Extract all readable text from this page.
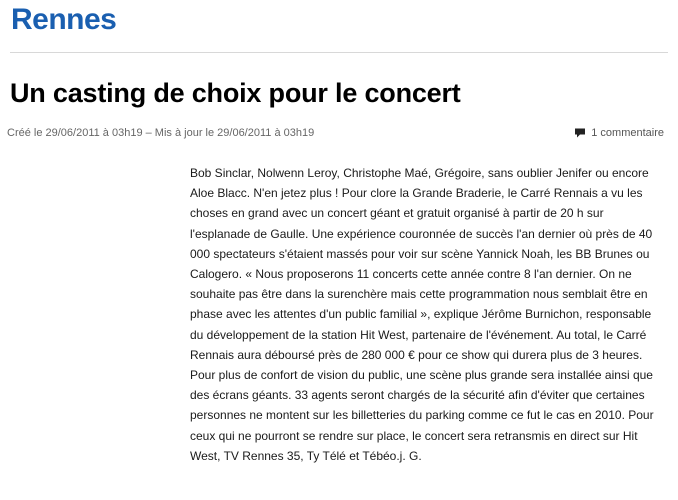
Rennes
Un casting de choix pour le concert
Créé le 29/06/2011 à 03h19 – Mis à jour le 29/06/2011 à 03h19	1 commentaire

Bob Sinclar, Nolwenn Leroy, Christophe Maé, Grégoire, sans oublier Jenifer ou encore Aloe Blacc. N'en jetez plus ! Pour clore la Grande Braderie, le Carré Rennais a vu les choses en grand avec un concert géant et gratuit organisé à partir de 20 h sur l'esplanade de Gaulle. Une expérience couronnée de succès l'an dernier où près de 40 000 spectateurs s'étaient massés pour voir sur scène Yannick Noah, les BB Brunes ou Calogero. « Nous proposerons 11 concerts cette année contre 8 l'an dernier. On ne souhaite pas être dans la surenchère mais cette programmation nous semblait être en phase avec les attentes d'un public familial », explique Jérôme Burnichon, responsable du développement de la station Hit West, partenaire de l'événement. Au total, le Carré Rennais aura déboursé près de 280 000 € pour ce show qui durera plus de 3 heures.

Pour plus de confort de vision du public, une scène plus grande sera installée ainsi que des écrans géants. 33 agents seront chargés de la sécurité afin d'éviter que certaines personnes ne montent sur les billetteries du parking comme ce fut le cas en 2010. Pour ceux qui ne pourront se rendre sur place, le concert sera retransmis en direct sur Hit West, TV Rennes 35, Ty Télé et Tébéo.j. G.
